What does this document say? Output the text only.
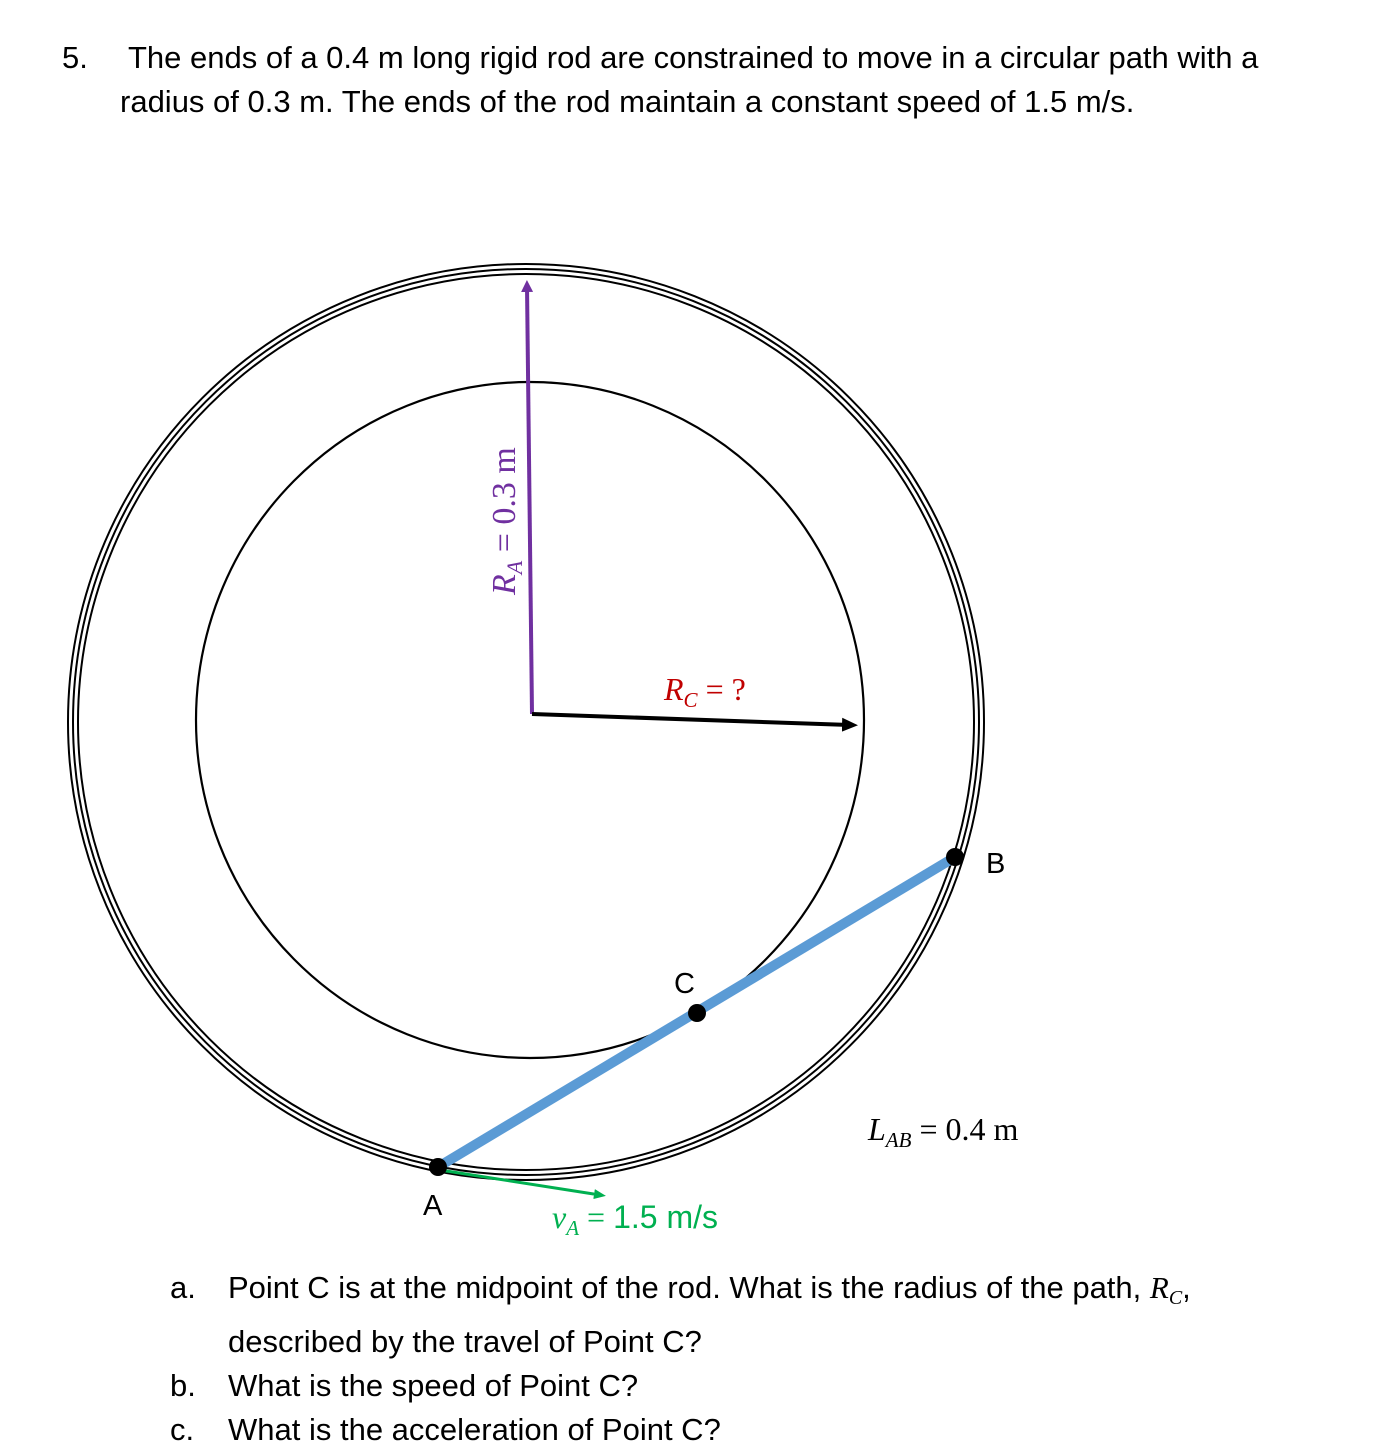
5. The ends of a 0.4 m long rigid rod are constrained to move in a circular path with a
radius of 0.3 m. The ends of the rod maintain a constant speed of 1.5 m/s.
A
B
C
$R_A = 0.3$ m
$R_C$ = ?
$L_{AB} = 0.4$ m
$v_A = 1.5$ m/s
a. Point C is at the midpoint of the rod. What is the radius of the path, $R_C$,
described by the travel of Point C?
b. What is the speed of Point C?
c. What is the acceleration of Point C?
